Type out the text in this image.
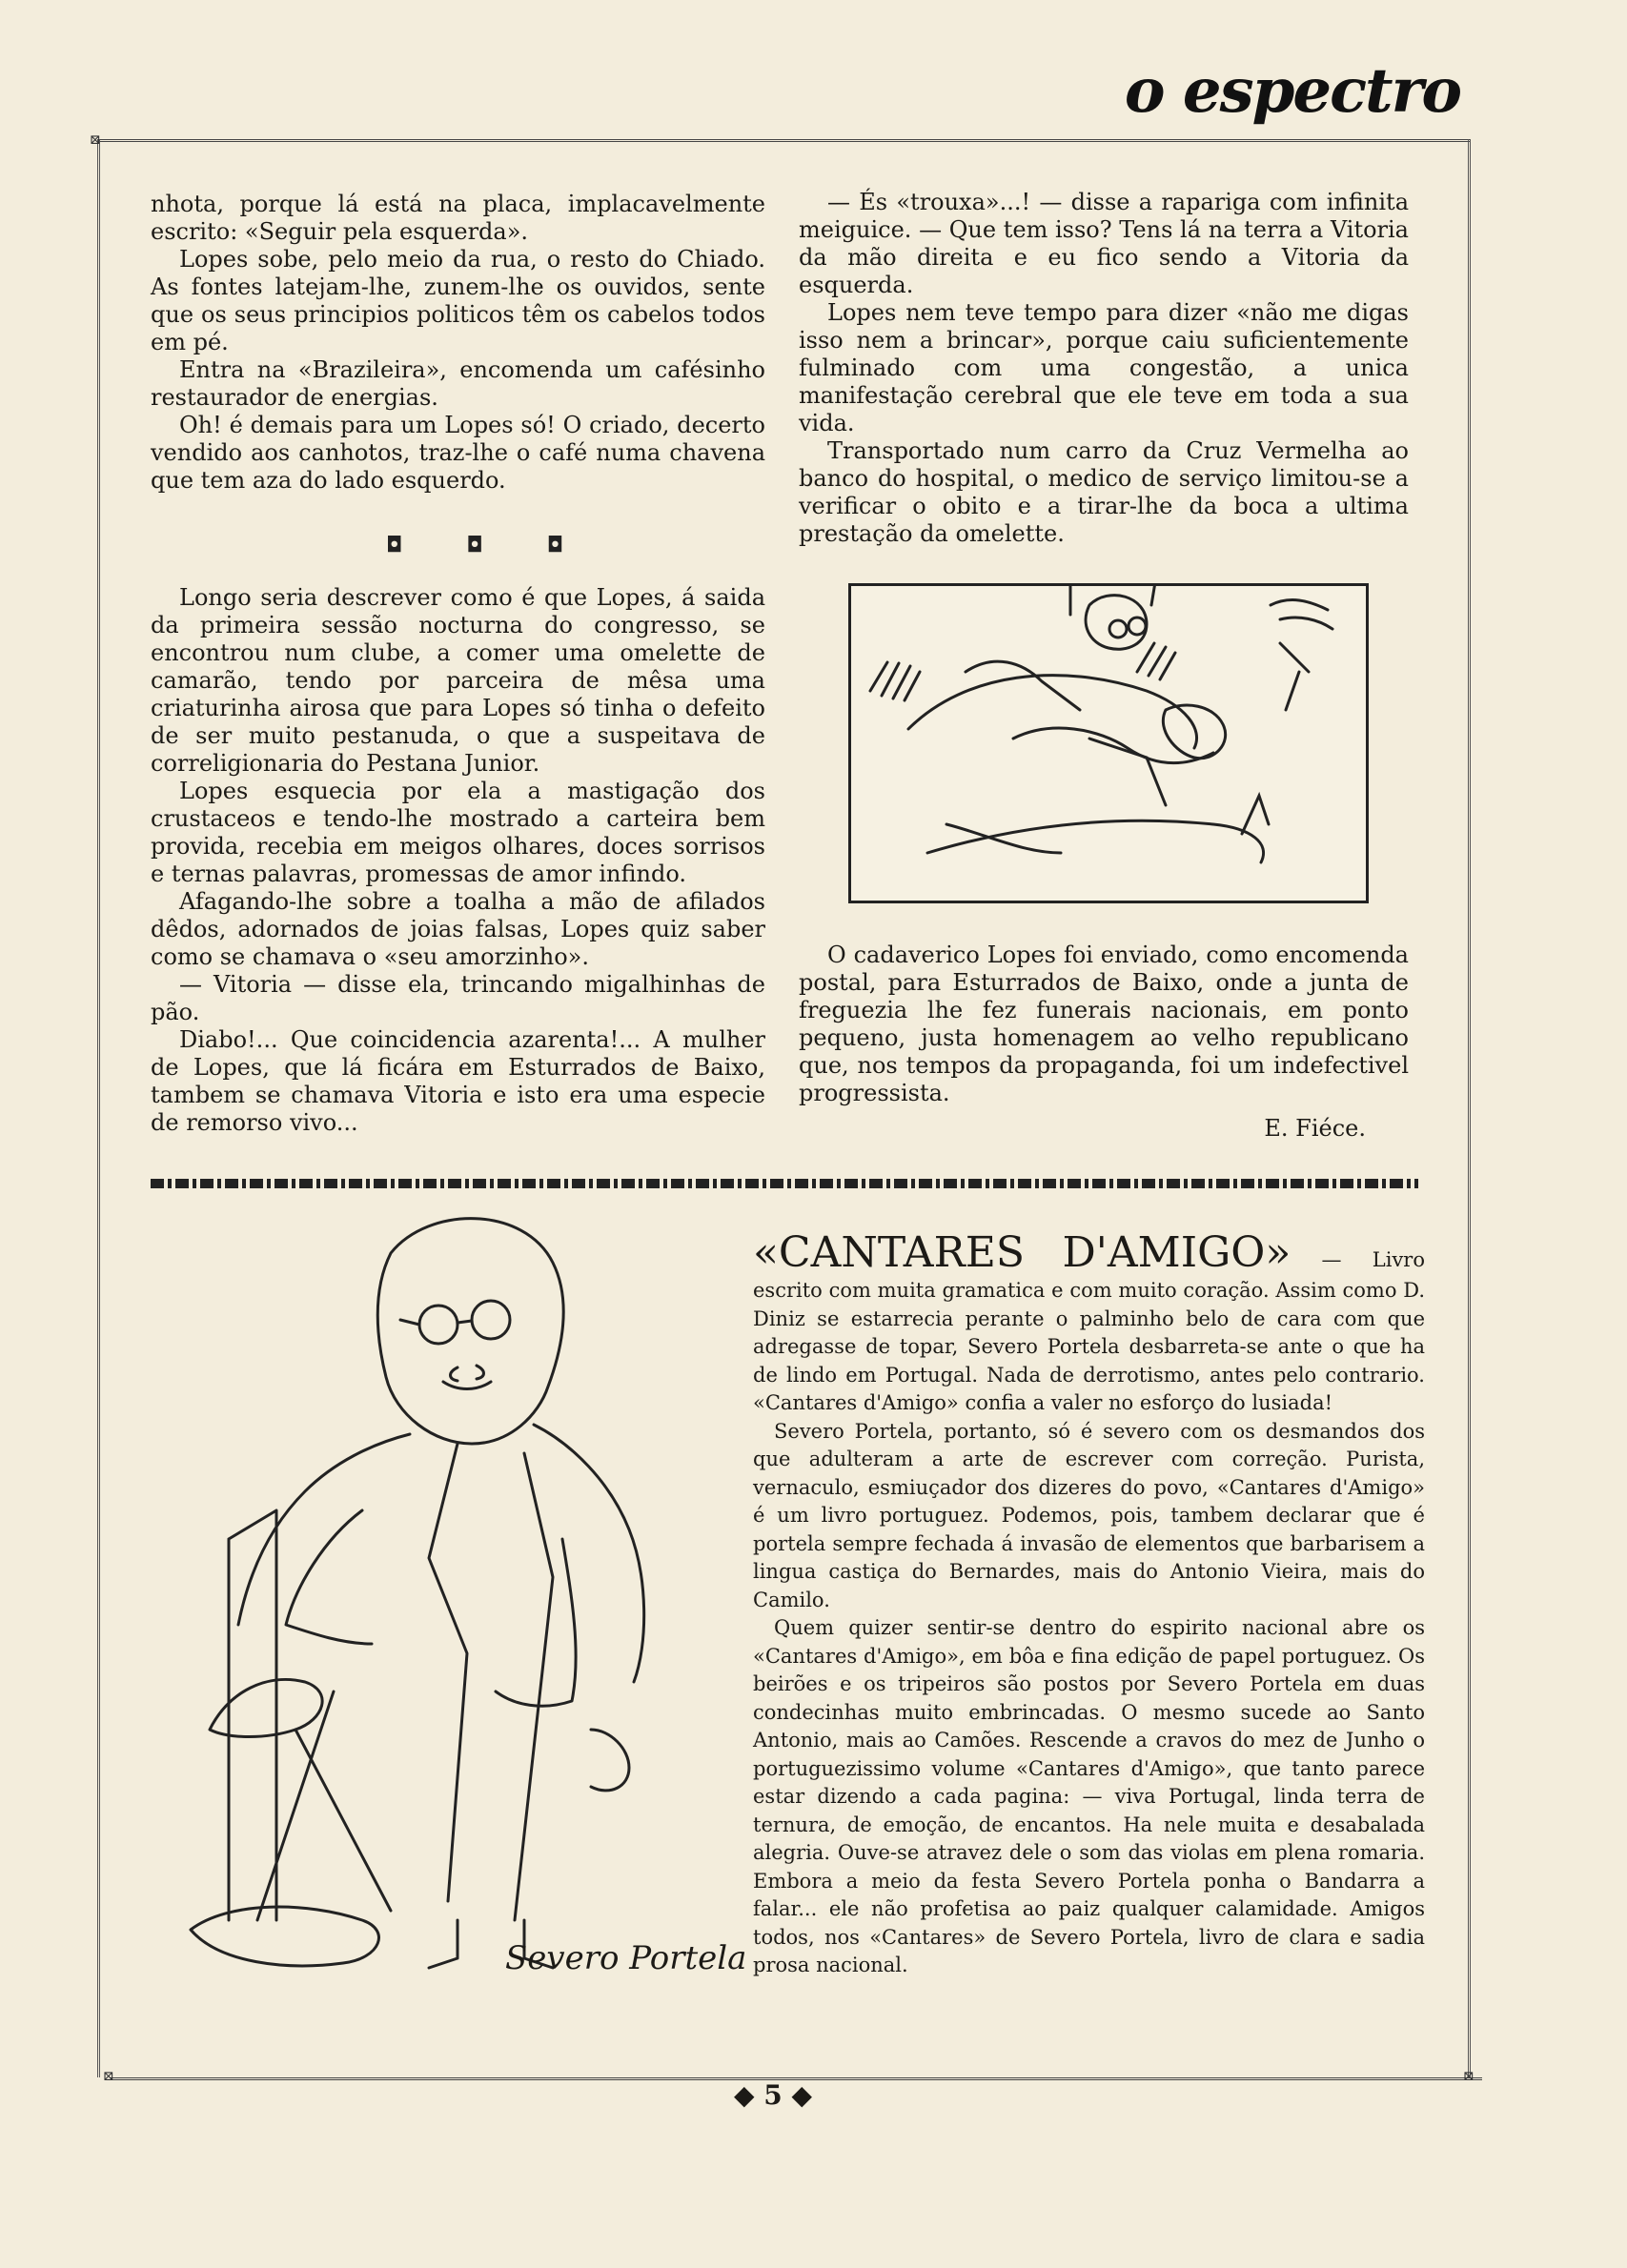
o espectro
⊠
⊠
⊠

nhota, porque lá está na placa, implacavelmente escrito: «Seguir pela esquerda».

Lopes sobe, pelo meio da rua, o resto do Chiado. As fontes latejam-lhe, zunem-lhe os ouvidos, sente que os seus principios politicos têm os cabelos todos em pé.

Entra na «Brazileira», encomenda um cafésinho restaurador de energias.

Oh! é demais para um Lopes só! O criado, decerto vendido aos canhotos, traz-lhe o café numa chavena que tem aza do lado esquerdo.

◘ ◘ ◘

Longo seria descrever como é que Lopes, á saida da primeira sessão nocturna do congresso, se encontrou num clube, a comer uma omelette de camarão, tendo por parceira de mêsa uma criaturinha airosa que para Lopes só tinha o defeito de ser muito pestanuda, o que a suspeitava de correligionaria do Pestana Junior.

Lopes esquecia por ela a mastigação dos crustaceos e tendo-lhe mostrado a carteira bem provida, recebia em meigos olhares, doces sorrisos e ternas palavras, promessas de amor infindo.

Afagando-lhe sobre a toalha a mão de afilados dêdos, adornados de joias falsas, Lopes quiz saber como se chamava o «seu amorzinho».

— Vitoria — disse ela, trincando migalhinhas de pão.

Diabo!... Que coincidencia azarenta!... A mulher de Lopes, que lá ficára em Esturrados de Baixo, tambem se chamava Vitoria e isto era uma especie de remorso vivo...

— És «trouxa»...! — disse a rapariga com infinita meiguice. — Que tem isso? Tens lá na terra a Vitoria da mão direita e eu fico sendo a Vitoria da esquerda.

Lopes nem teve tempo para dizer «não me digas isso nem a brincar», porque caiu suficientemente fulminado com uma congestão, a unica manifestação cerebral que ele teve em toda a sua vida.

Transportado num carro da Cruz Vermelha ao banco do hospital, o medico de serviço limitou-se a verificar o obito e a tirar-lhe da boca a ultima prestação da omelette.

O cadaverico Lopes foi enviado, como encomenda postal, para Esturrados de Baixo, onde a junta de freguezia lhe fez funerais nacionais, em ponto pequeno, justa homenagem ao velho republicano que, nos tempos da propaganda, foi um indefectivel progressista.

E. Fiéce.

Severo Portela

«CANTARES D'AMIGO» — Livro escrito com muita gramatica e com muito coração. Assim como D. Diniz se estarrecia perante o palminho belo de cara com que adregasse de topar, Severo Portela desbarreta-se ante o que ha de lindo em Portugal. Nada de derrotismo, antes pelo contrario. «Cantares d'Amigo» confia a valer no esforço do lusiada!

Severo Portela, portanto, só é severo com os desmandos dos que adulteram a arte de escrever com correção. Purista, vernaculo, esmiuçador dos dizeres do povo, «Cantares d'Amigo» é um livro portuguez. Podemos, pois, tambem declarar que é portela sempre fechada á invasão de elementos que barbarisem a lingua castiça do Bernardes, mais do Antonio Vieira, mais do Camilo.

Quem quizer sentir-se dentro do espirito nacional abre os «Cantares d'Amigo», em bôa e fina edição de papel portuguez. Os beirões e os tripeiros são postos por Severo Portela em duas condecinhas muito embrincadas. O mesmo sucede ao Santo Antonio, mais ao Camões. Rescende a cravos do mez de Junho o portuguezissimo volume «Cantares d'Amigo», que tanto parece estar dizendo a cada pagina: — viva Portugal, linda terra de ternura, de emoção, de encantos. Ha nele muita e desabalada alegria. Ouve-se atravez dele o som das violas em plena romaria. Embora a meio da festa Severo Portela ponha o Bandarra a falar... ele não profetisa ao paiz qualquer calamidade. Amigos todos, nos «Cantares» de Severo Portela, livro de clara e sadia prosa nacional.

◆ 5 ◆
